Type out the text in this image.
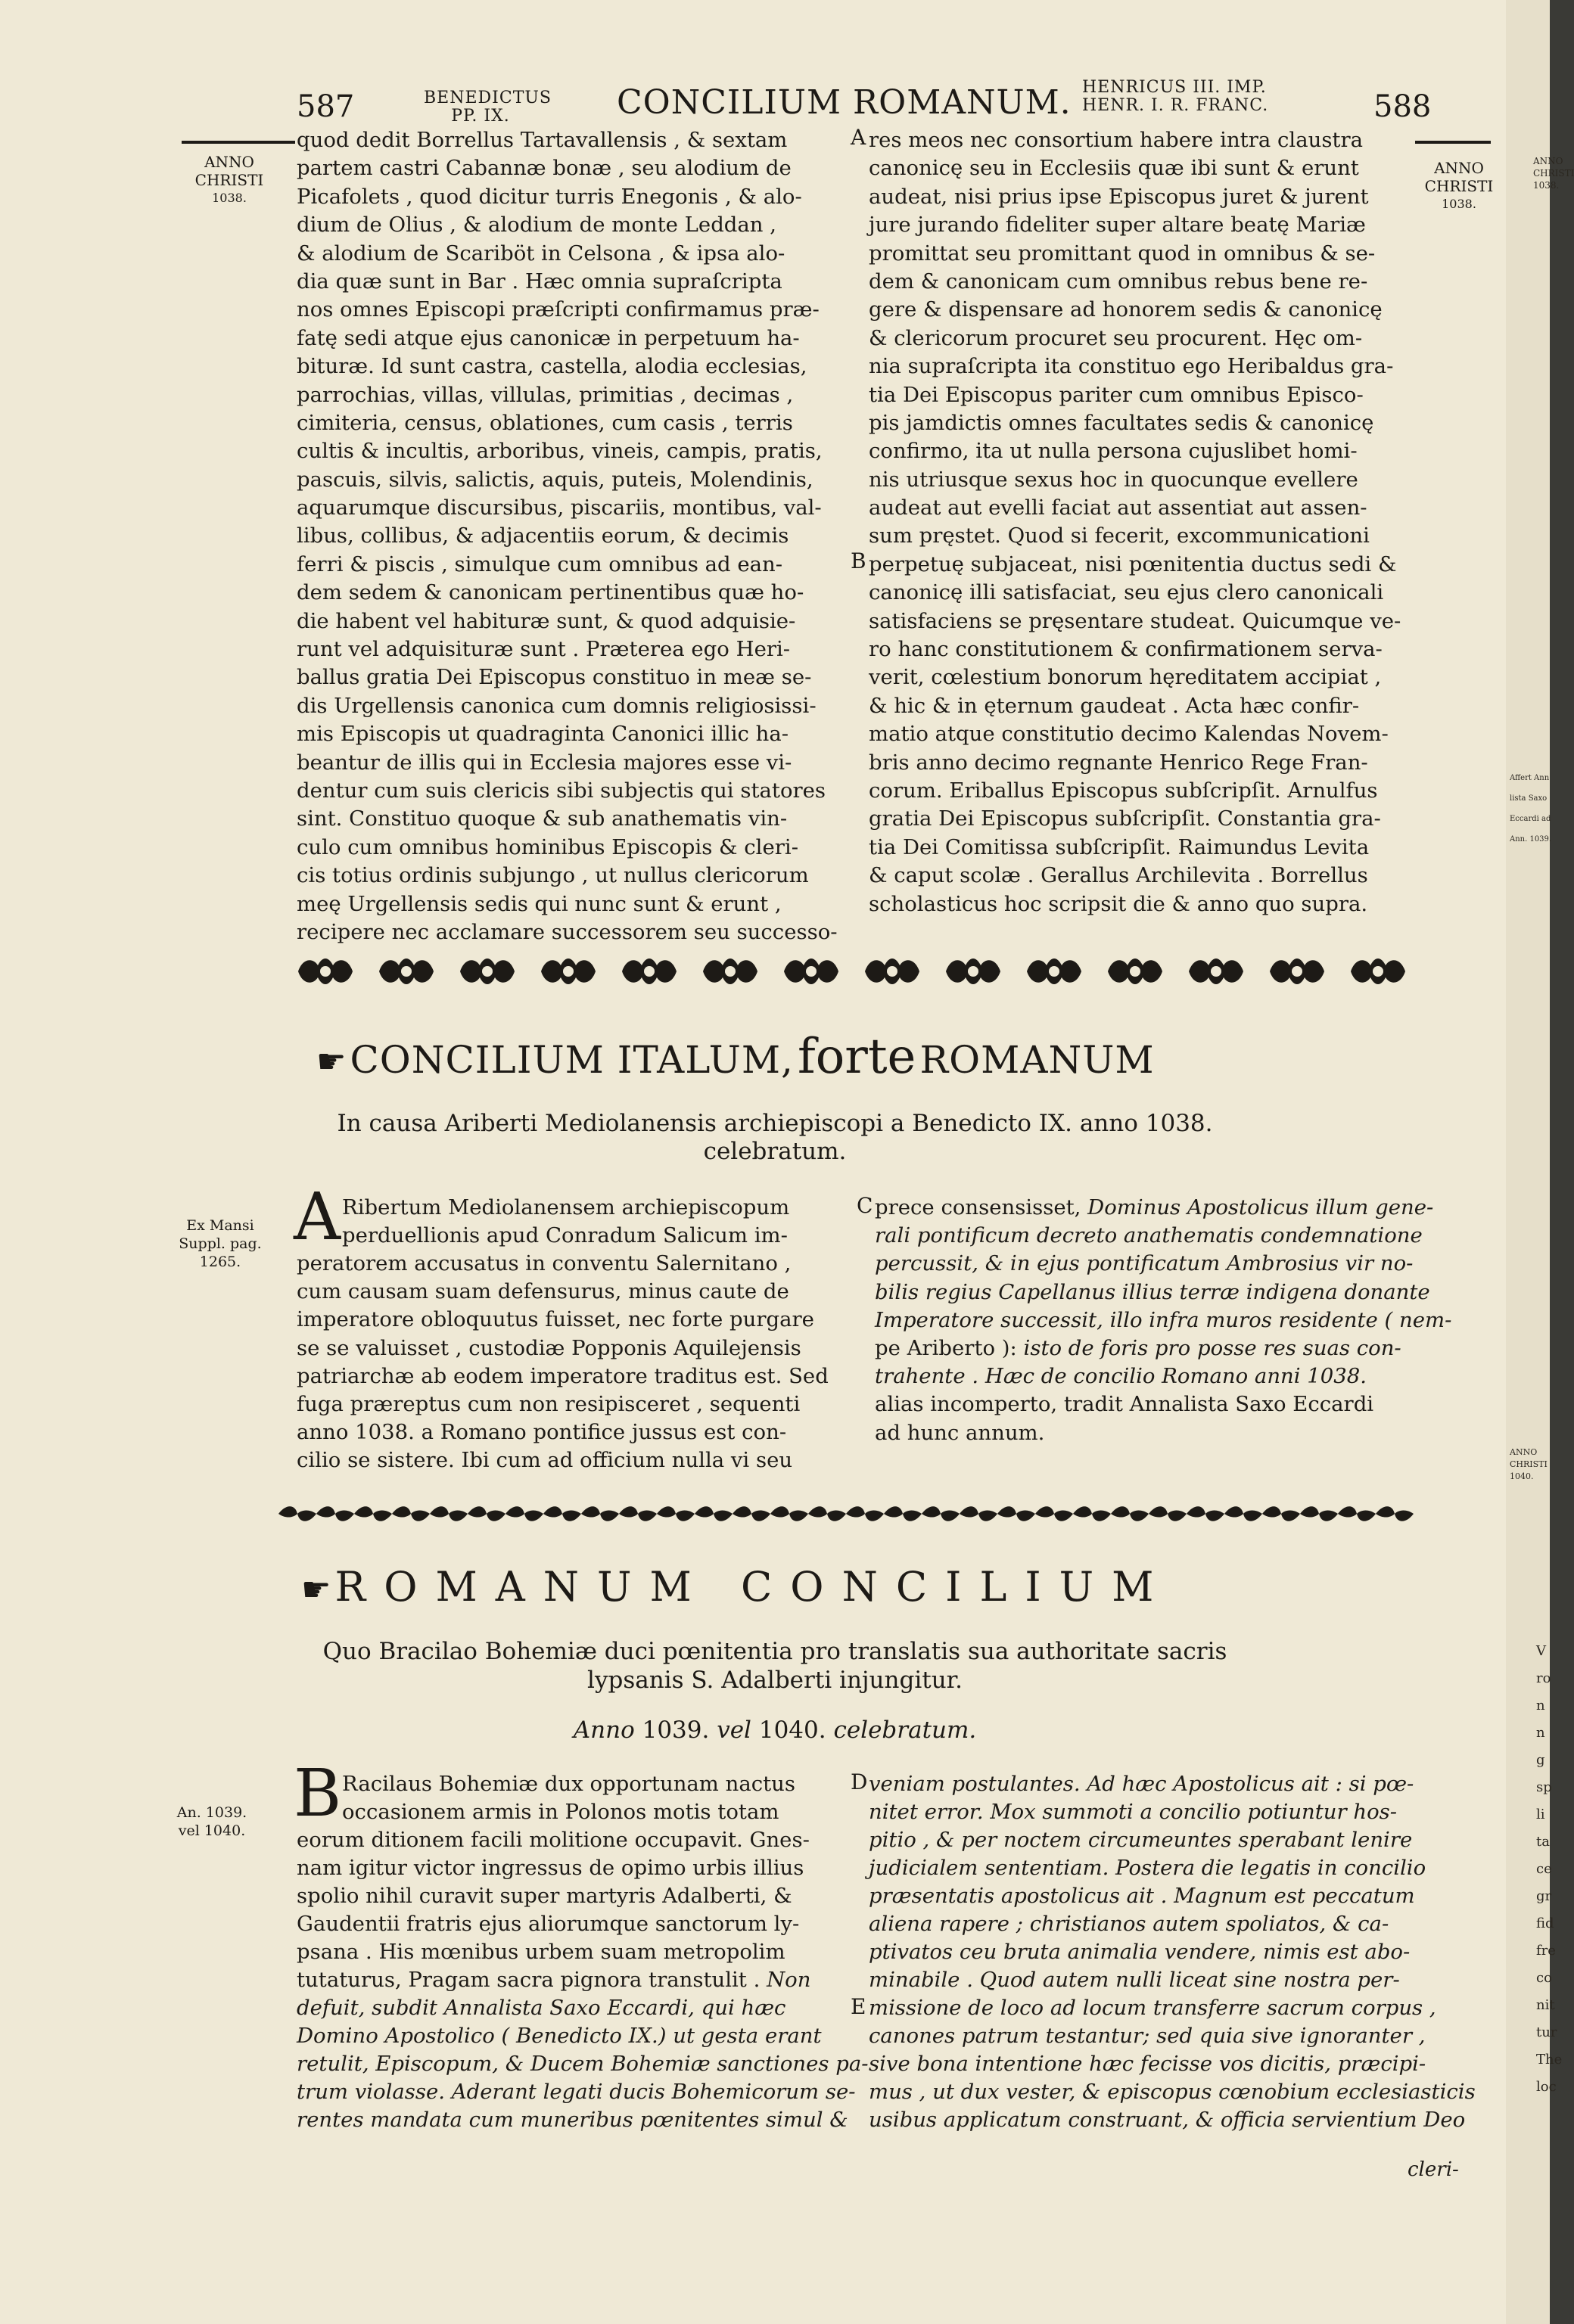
587	BENEDICTUS
PP. IX.	CONCILIUM ROMANUM. HENRICUS III. IMP.
HENR. I. R. FRANC.	588
ANNO
CHRISTI
1038.
ANNO
CHRISTI
1038.
Ex Mansi
Suppl. pag.
1265.
An. 1039.
vel 1040.
ANNO
CHRISTI
1038.
Affert Ann
lista Saxo
Eccardi ad
Ann. 1039.
ANNO
CHRISTI
1040.
V
ro
n
n
g
sp
li
ta
ce
gr
fid
fre
co
nit
tur
The
loc
quod dedit Borrellus Tartavallensis , & sextam
partem castri Cabannæ bonæ , seu alodium de
Picafolets , quod dicitur turris Enegonis , & alo-
dium de Olius , & alodium de monte Leddan ,
& alodium de Scariböt in Celsona , & ipsa alo-
dia quæ sunt in Bar . Hæc omnia supraſcripta
nos omnes Episcopi præſcripti confirmamus præ-
fatę sedi atque ejus canonicæ in perpetuum ha-
bituræ. Id sunt castra, castella, alodia ecclesias,
parrochias, villas, villulas, primitias , decimas ,
cimiteria, census, oblationes, cum casis , terris
cultis & incultis, arboribus, vineis, campis, pratis,
pascuis, silvis, salictis, aquis, puteis, Molendinis,
aquarumque discursibus, piscariis, montibus, val-
libus, collibus, & adjacentiis eorum, & decimis
ferri & piscis , simulque cum omnibus ad ean-
dem sedem & canonicam pertinentibus quæ ho-
die habent vel habituræ sunt, & quod adquisie-
runt vel adquisituræ sunt . Præterea ego Heri-
ballus gratia Dei Episcopus constituo in meæ se-
dis Urgellensis canonica cum domnis religiosissi-
mis Episcopis ut quadraginta Canonici illic ha-
beantur de illis qui in Ecclesia majores esse vi-
dentur cum suis clericis sibi subjectis qui statores
sint. Constituo quoque & sub anathematis vin-
culo cum omnibus hominibus Episcopis & cleri-
cis totius ordinis subjungo , ut nullus clericorum
meę Urgellensis sedis qui nunc sunt & erunt ,
recipere nec acclamare successorem seu successo-
res meos nec consortium habere intra claustra
canonicę seu in Ecclesiis quæ ibi sunt & erunt
audeat, nisi prius ipse Episcopus juret & jurent
jure jurando fideliter super altare beatę Mariæ
promittat seu promittant quod in omnibus & se-
dem & canonicam cum omnibus rebus bene re-
gere & dispensare ad honorem sedis & canonicę
& clericorum procuret seu procurent. Hęc om-
nia supraſcripta ita constituo ego Heribaldus gra-
tia Dei Episcopus pariter cum omnibus Episco-
pis jamdictis omnes facultates sedis & canonicę
confirmo, ita ut nulla persona cujuslibet homi-
nis utriusque sexus hoc in quocunque evellere
audeat aut evelli faciat aut assentiat aut assen-
sum pręstet. Quod si fecerit, excommunicationi
perpetuę subjaceat, nisi pœnitentia ductus sedi &
canonicę illi satisfaciat, seu ejus clero canonicali
satisfaciens se pręsentare studeat. Quicumque ve-
ro hanc constitutionem & confirmationem serva-
verit, cœlestium bonorum hęreditatem accipiat ,
& hic & in ęternum gaudeat . Acta hæc confir-
matio atque constitutio decimo Kalendas Novem-
bris anno decimo regnante Henrico Rege Fran-
corum. Eriballus Episcopus subſcripſit. Arnulfus
gratia Dei Episcopus subſcripſit. Constantia gra-
tia Dei Comitissa subſcripſit. Raimundus Levita
& caput scolæ . Gerallus Archilevita . Borrellus
scholasticus hoc scripsit die & anno quo supra.
A
B
☛ CONCILIUM ITALUM, forte ROMANUM
In causa Ariberti Mediolanensis archiepiscopi a Benedicto IX. anno 1038.
celebratum.
A Ribertum Mediolanensem archiepiscopum
perduellionis apud Conradum Salicum im-
peratorem accusatus in conventu Salernitano ,
cum causam suam defensurus, minus caute de
imperatore obloquutus fuisset, nec forte purgare
se se valuisset , custodiæ Popponis Aquilejensis
patriarchæ ab eodem imperatore traditus est. Sed
fuga præreptus cum non resipisceret , sequenti
anno 1038. a Romano pontifice jussus est con-
cilio se sistere. Ibi cum ad officium nulla vi seu
C prece consensisset, Dominus Apostolicus illum gene-
rali pontificum decreto anathematis condemnatione
percussit, & in ejus pontificatum Ambrosius vir no-
bilis regius Capellanus illius terræ indigena donante
Imperatore successit, illo infra muros residente ( nem-
pe Ariberto ): isto de foris pro posse res suas con-
trahente . Hæc de concilio Romano anni 1038.
alias incomperto, tradit Annalista Saxo Eccardi
ad hunc annum.
☛ ROMANUM CONCILIUM
Quo Bracilao Bohemiæ duci pœnitentia pro translatis sua authoritate sacris
lypsanis S. Adalberti injungitur.
Anno 1039. vel 1040. celebratum.
B Racilaus Bohemiæ dux opportunam nactus
occasionem armis in Polonos motis totam
eorum ditionem facili molitione occupavit. Gnes-
nam igitur victor ingressus de opimo urbis illius
spolio nihil curavit super martyris Adalberti, &
Gaudentii fratris ejus aliorumque sanctorum ly-
psana . His mœnibus urbem suam metropolim
tutaturus, Pragam sacra pignora transtulit . Non
defuit, subdit Annalista Saxo Eccardi, qui hæc
Domino Apostolico ( Benedicto IX.) ut gesta erant
retulit, Episcopum, & Ducem Bohemiæ sanctiones pa-
trum violasse. Aderant legati ducis Bohemicorum se-
rentes mandata cum muneribus pœnitentes simul &
D
E
veniam postulantes. Ad hæc Apostolicus ait : si pœ-
nitet error. Mox summoti a concilio potiuntur hos-
pitio , & per noctem circumeuntes sperabant lenire
judicialem sententiam. Postera die legatis in concilio
præsentatis apostolicus ait . Magnum est peccatum
aliena rapere ; christianos autem spoliatos, & ca-
ptivatos ceu bruta animalia vendere, nimis est abo-
minabile . Quod autem nulli liceat sine nostra per-
missione de loco ad locum transferre sacrum corpus ,
canones patrum testantur; sed quia sive ignoranter ,
sive bona intentione hæc fecisse vos dicitis, præcipi-
mus , ut dux vester, & episcopus cœnobium ecclesiasticis
usibus applicatum construant, & officia servientium Deo
cleri-
